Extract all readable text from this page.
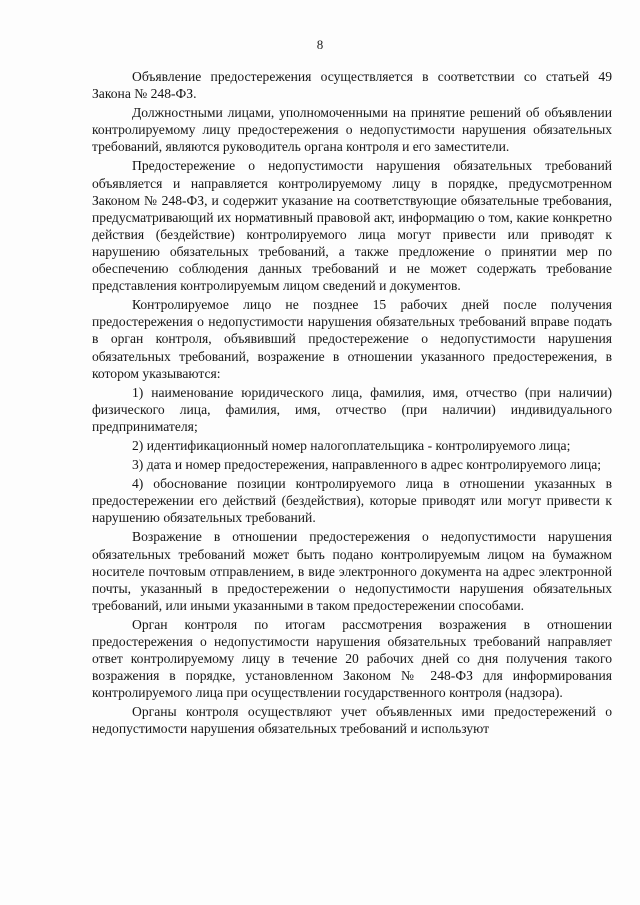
8

Объявление предостережения осуществляется в соответствии со статьей 49 Закона № 248-ФЗ.

Должностными лицами, уполномоченными на принятие решений об объявлении контролируемому лицу предостережения о недопустимости нарушения обязательных требований, являются руководитель органа контроля и его заместители.

Предостережение о недопустимости нарушения обязательных требований объявляется и направляется контролируемому лицу в порядке, предусмотренном Законом № 248-ФЗ, и содержит указание на соответствующие обязательные требования, предусматривающий их нормативный правовой акт, информацию о том, какие конкретно действия (бездействие) контролируемого лица могут привести или приводят к нарушению обязательных требований, а также предложение о принятии мер по обеспечению соблюдения данных требований и не может содержать требование представления контролируемым лицом сведений и документов.

Контролируемое лицо не позднее 15 рабочих дней после получения предостережения о недопустимости нарушения обязательных требований вправе подать в орган контроля, объявивший предостережение о недопустимости нарушения обязательных требований, возражение в отношении указанного предостережения, в котором указываются:

1) наименование юридического лица, фамилия, имя, отчество (при наличии) физического лица, фамилия, имя, отчество (при наличии) индивидуального предпринимателя;

2) идентификационный номер налогоплательщика - контролируемого лица;

3) дата и номер предостережения, направленного в адрес контролируемого лица;

4) обоснование позиции контролируемого лица в отношении указанных в предостережении его действий (бездействия), которые приводят или могут привести к нарушению обязательных требований.

Возражение в отношении предостережения о недопустимости нарушения обязательных требований может быть подано контролируемым лицом на бумажном носителе почтовым отправлением, в виде электронного документа на адрес электронной почты, указанный в предостережении о недопустимости нарушения обязательных требований, или иными указанными в таком предостережении способами.

Орган контроля по итогам рассмотрения возражения в отношении предостережения о недопустимости нарушения обязательных требований направляет ответ контролируемому лицу в течение 20 рабочих дней со дня получения такого возражения в порядке, установленном Законом № 248-ФЗ для информирования контролируемого лица при осуществлении государственного контроля (надзора).

Органы контроля осуществляют учет объявленных ими предостережений о недопустимости нарушения обязательных требований и используют
